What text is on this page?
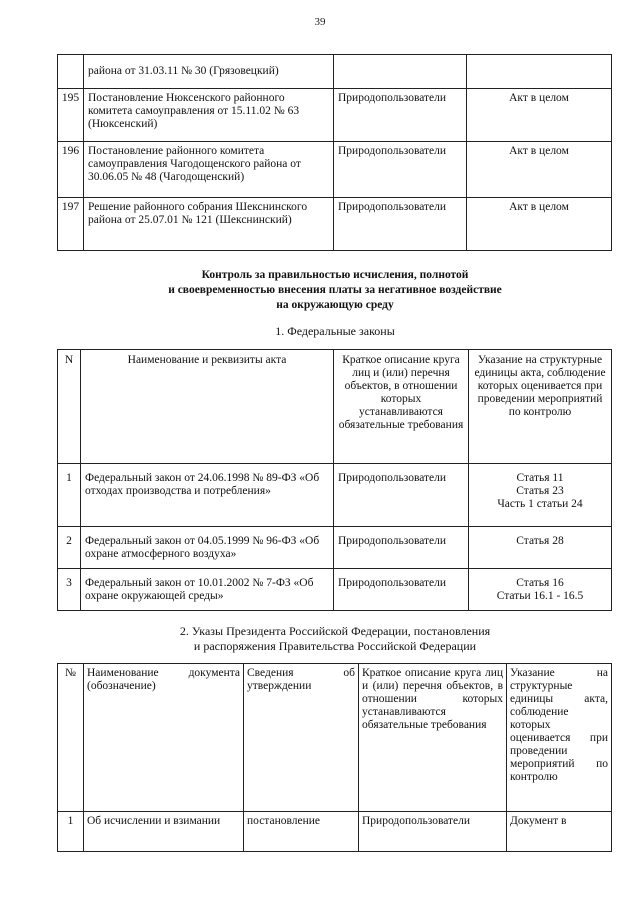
39
	района от 31.03.11 № 30 (Грязовецкий)		
195	Постановление Нюксенского районного комитета самоуправления от 15.11.02 № 63 (Нюксенский)	Природопользователи	Акт в целом
196	Постановление районного комитета самоуправления Чагодощенского района от 30.06.05 № 48 (Чагодощенский)	Природопользователи	Акт в целом
197	Решение районного собрания Шекснинского района от 25.07.01 № 121 (Шекснинский)	Природопользователи	Акт в целом
Контроль за правильностью исчисления, полнотой
и своевременностью внесения платы за негативное воздействие
на окружающую среду
1. Федеральные законы
N	Наименование и реквизиты акта	Краткое описание круга лиц и (или) перечня объектов, в отношении которых устанавливаются обязательные требования	Указание на структурные единицы акта, соблюдение которых оценивается при проведении мероприятий по контролю
1	Федеральный закон от 24.06.1998 № 89-ФЗ «Об отходах производства и потребления»	Природопользователи	Статья 11
Статья 23
Часть 1 статьи 24

2	Федеральный закон от 04.05.1999 № 96-ФЗ «Об охране атмосферного воздуха»	Природопользователи	Статья 28

3	Федеральный закон от 10.01.2002 № 7-ФЗ «Об охране окружающей среды»	Природопользователи	Статья 16
Статьи 16.1 - 16.5
2. Указы Президента Российской Федерации, постановления
и распоряжения Правительства Российской Федерации
№	Наименование документа (обозначение)	Сведения об утверждении	Краткое описание круга лиц и (или) перечня объектов, в отношении которых устанавливаются обязательные требования	Указание на структурные единицы акта, соблюдение которых оценивается при проведении мероприятий по контролю
1	Об исчислении и взимании	постановление	Природопользователи	Документ в
